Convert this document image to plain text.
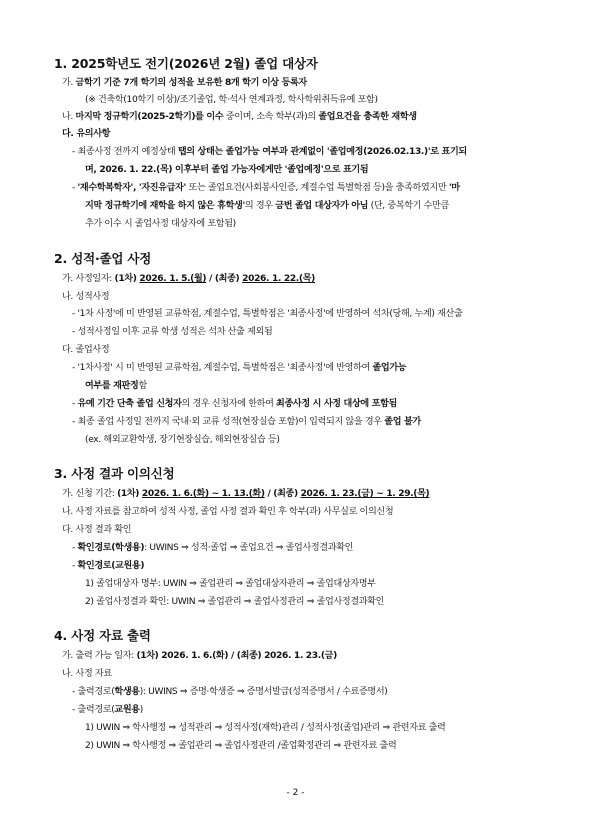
1. 2025학년도 전기(2026년 2월) 졸업 대상자
가. 금학기 기준 7개 학기의 성적을 보유한 8개 학기 이상 등록자
(※ 건축학(10학기 이상)/조기졸업, 학·석사 연계과정, 학사학위취득유예 포함)
나. 마지막 정규학기(2025-2학기)를 이수 중이며, 소속 학부(과)의 졸업요건을 충족한 재학생
다. 유의사항
- 최종사정 전까지 예정상태 탭의 상태는 졸업가능 여부과 관계없이 '졸업예정(2026.02.13.)'로 표기되
며, 2026. 1. 22.(목) 이후부터 졸업 가능자에게만 '졸업예정'으로 표기됨
- '재수학복학자', '자진유급자' 또는 졸업요건(사회봉사인증, 계절수업 특별학점 등)을 충족하였지만 '마
지막 정규학기에 재학을 하지 않은 휴학생'의 경우 금번 졸업 대상자가 아님 (단, 중복학기 수만큼
추가 이수 시 졸업사정 대상자에 포함됨)
2. 성적·졸업 사정
가. 사정일자: (1차) 2026. 1. 5.(월) / (최종) 2026. 1. 22.(목)
나. 성적사정
- '1차 사정'에 미 반영된 교류학점, 계절수업, 특별학점은 '최종사정'에 반영하여 석차(당해, 누계) 재산출
- 성적사정일 이후 교류 학생 성적은 석차 산출 제외됨
다. 졸업사정
- '1차사정' 시 미 반영된 교류학점, 계절수업, 특별학점은 '최종사정'에 반영하여 졸업가능
여부를 재판정함
- 유예 기간 단축 졸업 신청자의 경우 신청자에 한하여 최종사정 시 사정 대상에 포함됨
- 최종 졸업 사정일 전까지 국내·외 교류 성적(현장실습 포함)이 입력되지 않을 경우 졸업 불가
(ex. 해외교환학생, 장기현장실습, 해외현장실습 등)
3. 사정 결과 이의신청
가. 신청 기간: (1차) 2026. 1. 6.(화) ~ 1. 13.(화) / (최종) 2026. 1. 23.(금) ~ 1. 29.(목)
나. 사정 자료를 참고하여 성적 사정, 졸업 사정 결과 확인 후 학부(과) 사무실로 이의신청
다. 사정 결과 확인
- 확인경로(학생용): UWINS ⇒ 성적·졸업 ⇒ 졸업요건 ⇒ 졸업사정결과확인
- 확인경로(교원용)
1) 졸업대상자 명부: UWIN ⇒ 졸업관리 ⇒ 졸업대상자관리 ⇒ 졸업대상자명부
2) 졸업사정결과 확인: UWIN ⇒ 졸업관리 ⇒ 졸업사정관리 ⇒ 졸업사정결과확인
4. 사정 자료 출력
가. 출력 가능 일자: (1차) 2026. 1. 6.(화) / (최종) 2026. 1. 23.(금)
나. 사정 자료
- 출력경로(학생용): UWINS ⇒ 증명·학생증 ⇒ 증명서발급(성적증명서 / 수료증명서)
- 출력경로(교원용)
1) UWIN ⇒ 학사행정 ⇒ 성적관리 ⇒ 성적사정(재학)관리 / 성적사정(졸업)관리 ⇒ 관련자료 출력
2) UWIN ⇒ 학사행정 ⇒ 졸업관리 ⇒ 졸업사정관리 /졸업확정관리 ⇒ 관련자료 출력
- 2 -
